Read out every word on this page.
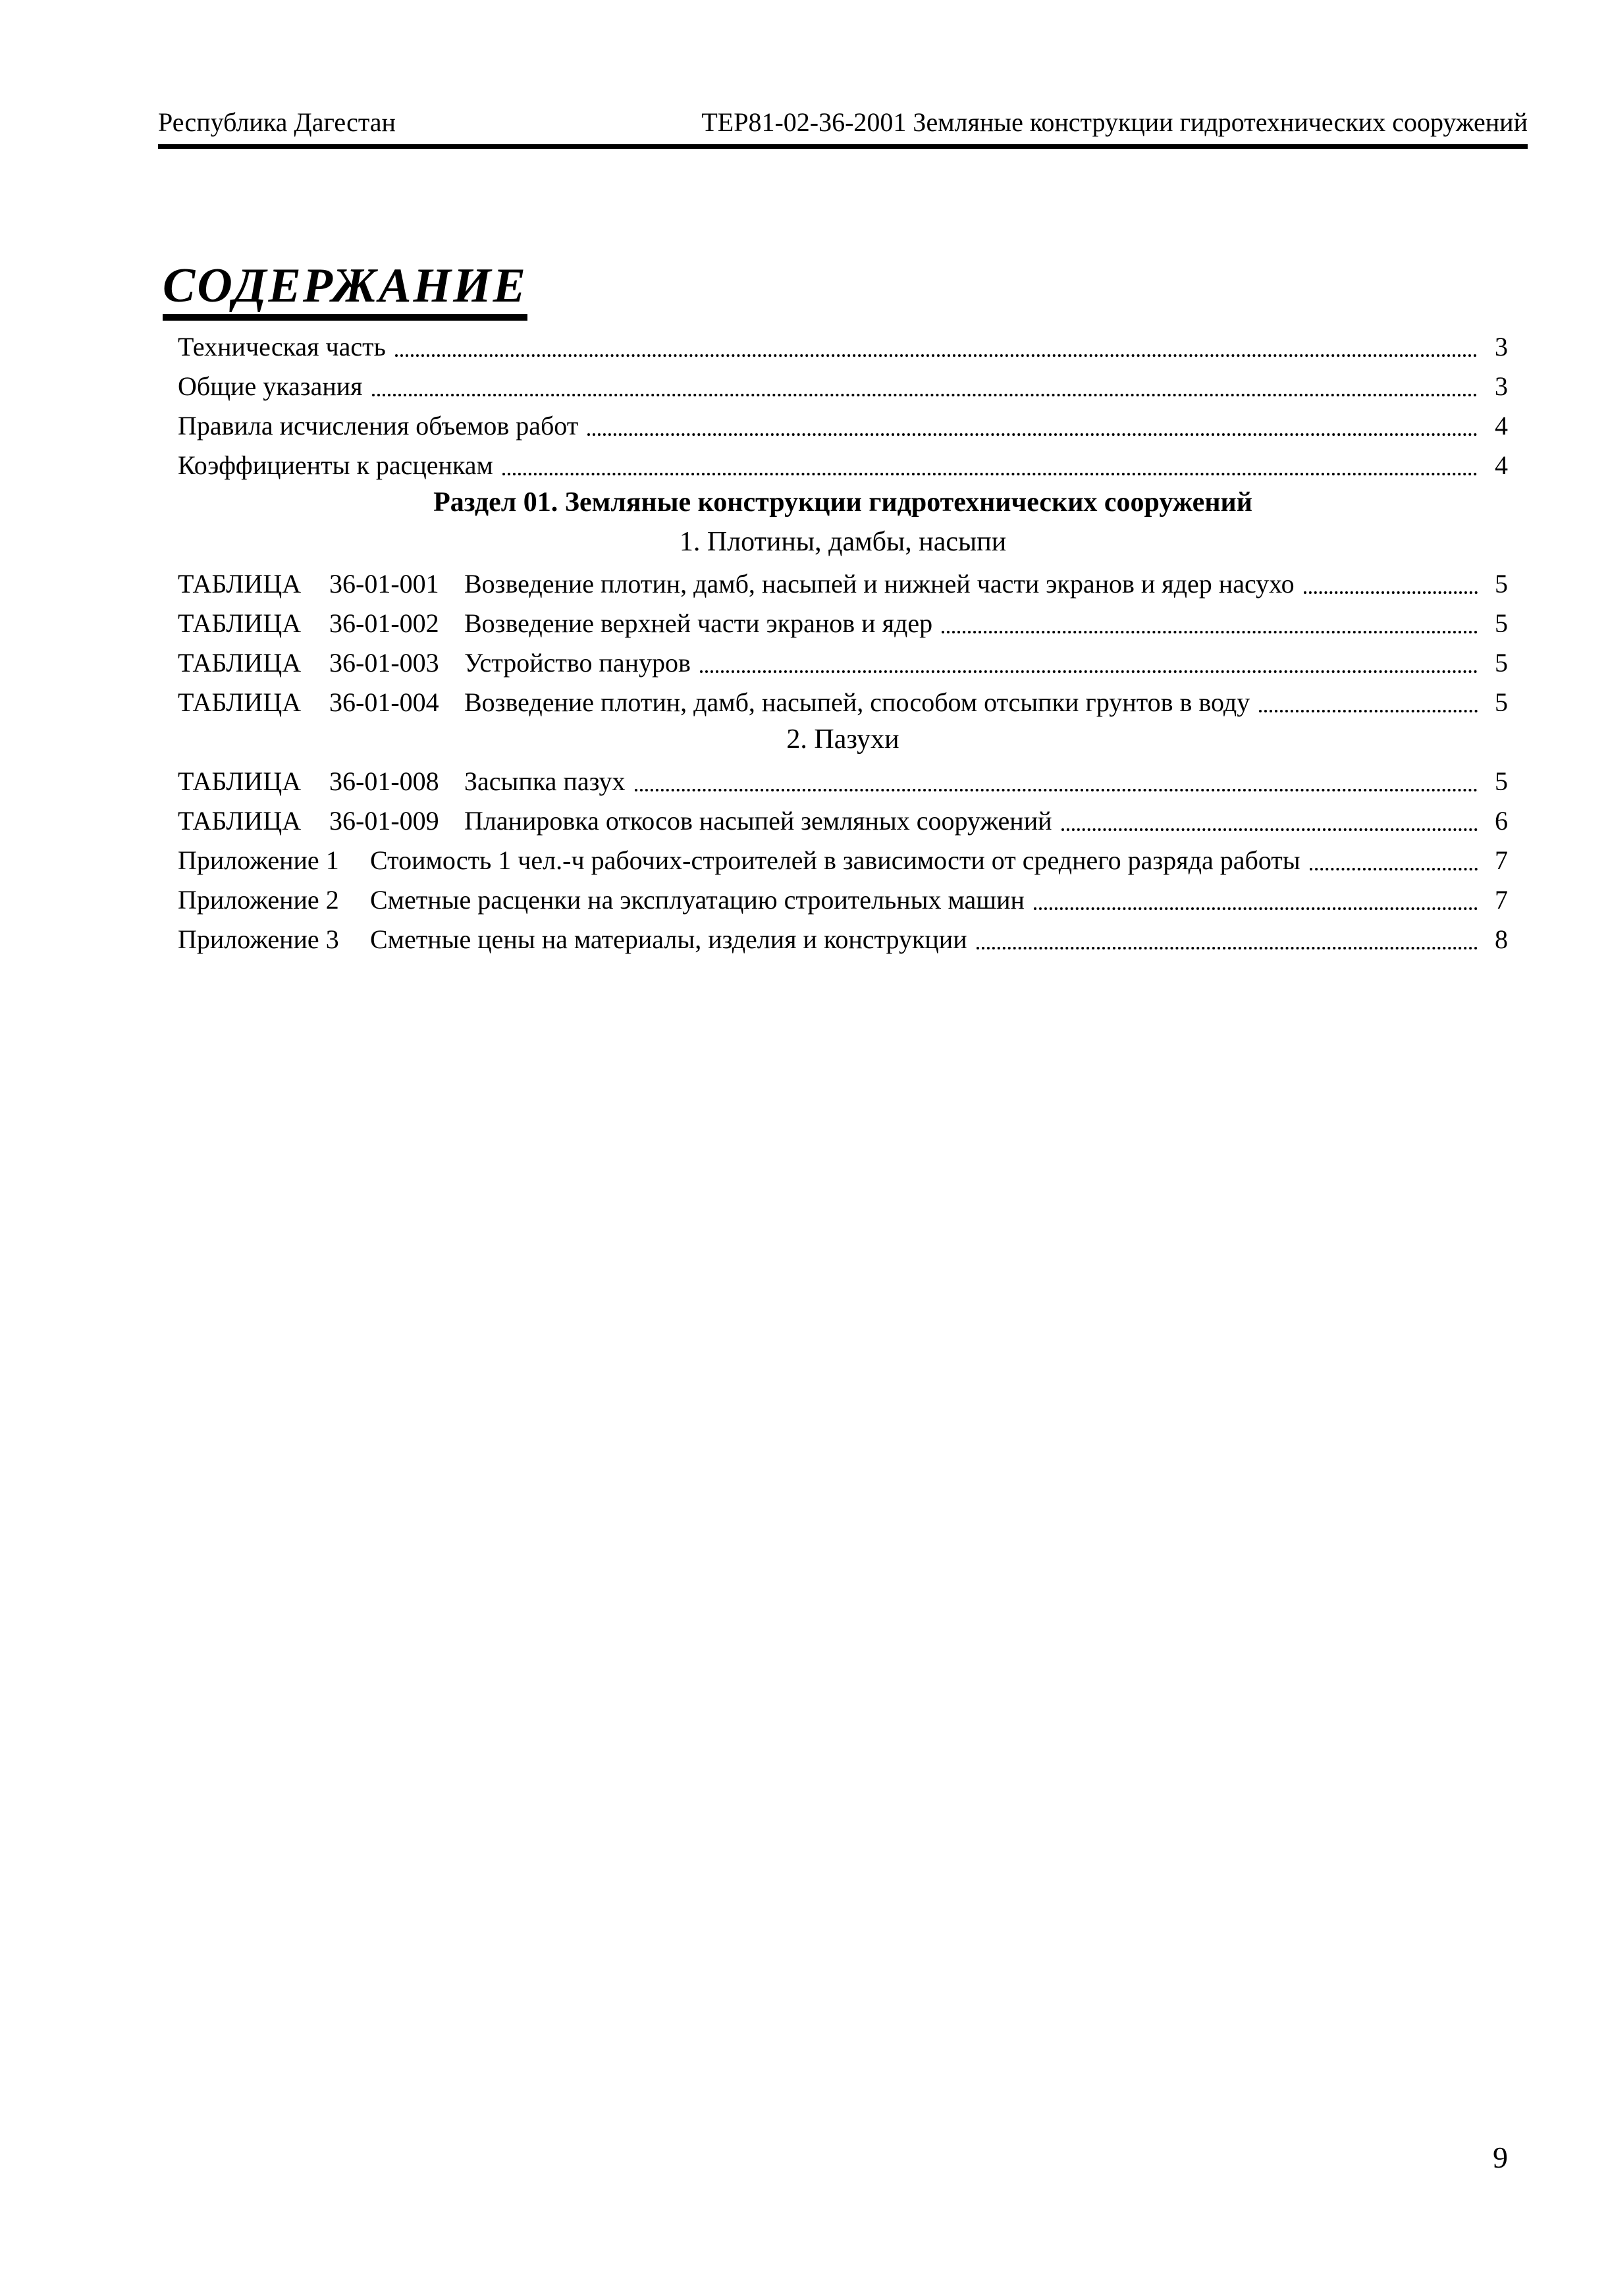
Республика Дагестан	ТЕР81-02-36-2001 Земляные конструкции гидротехнических сооружений
СОДЕРЖАНИЕ
Техническая часть	3
Общие указания	3
Правила исчисления объемов работ	4
Коэффициенты к расценкам	4
Раздел 01. Земляные конструкции гидротехнических сооружений
1. Плотины, дамбы, насыпи
ТАБЛИЦА	36-01-001 Возведение плотин, дамб, насыпей и нижней части экранов и ядер насухо	5
ТАБЛИЦА	36-01-002 Возведение верхней части экранов и ядер	5
ТАБЛИЦА	36-01-003 Устройство пануров	5
ТАБЛИЦА	36-01-004 Возведение плотин, дамб, насыпей, способом отсыпки грунтов в воду	5
2. Пазухи
ТАБЛИЦА	36-01-008 Засыпка пазух	5
ТАБЛИЦА	36-01-009 Планировка откосов насыпей земляных сооружений	6
Приложение 1	Стоимость 1 чел.-ч рабочих-строителей в зависимости от среднего разряда работы	7
Приложение 2	Сметные расценки на эксплуатацию строительных машин	7
Приложение 3	Сметные цены на материалы, изделия и конструкции	8
9
